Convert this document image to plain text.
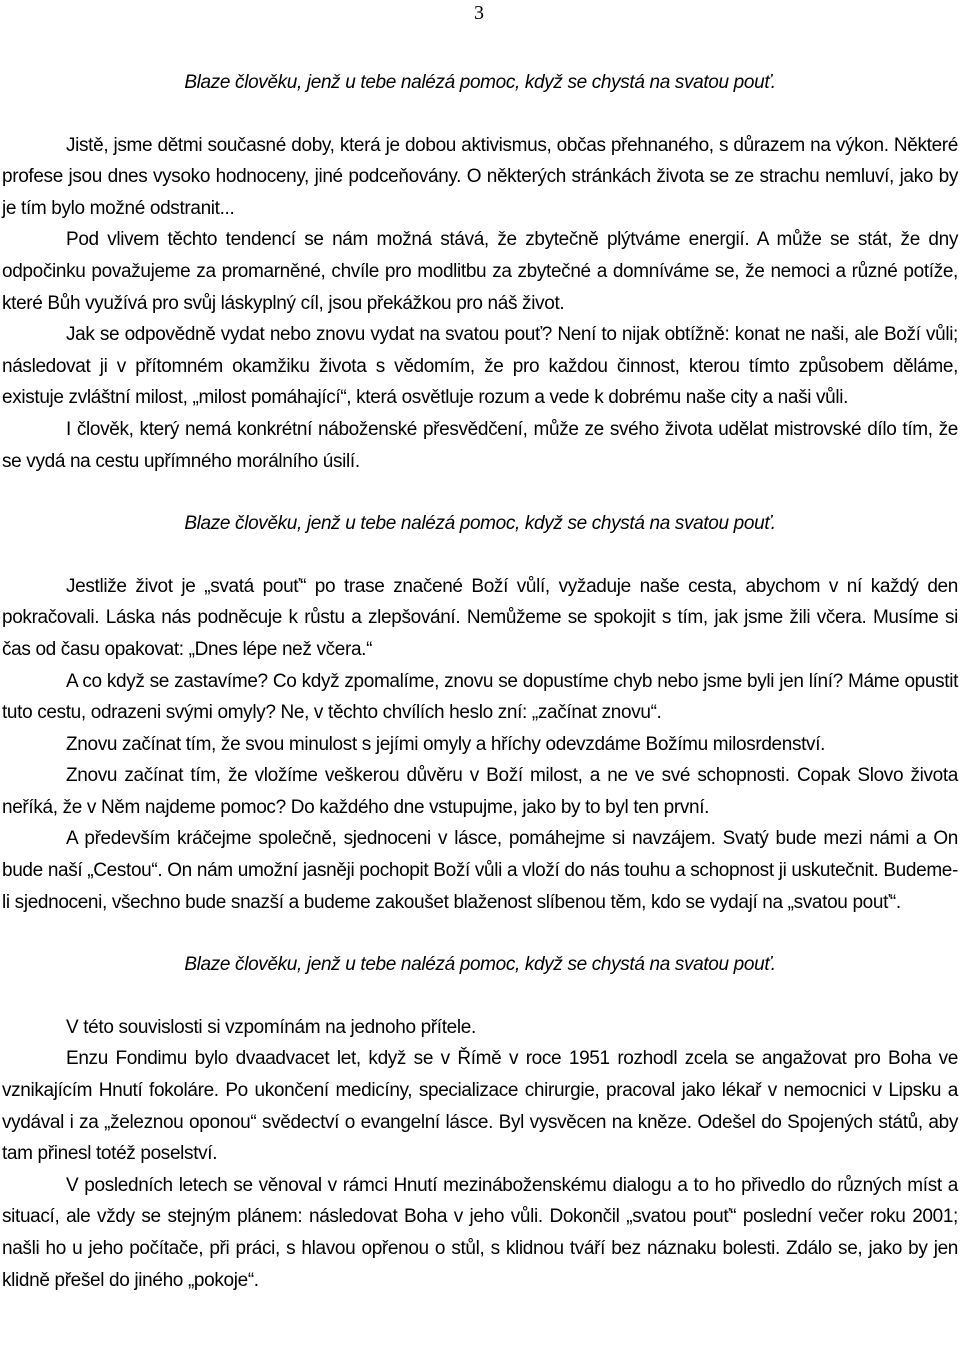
3

Blaze člověku, jenž u tebe nalézá pomoc, když se chystá na svatou pouť.

Jistě, jsme dětmi současné doby, která je dobou aktivismus, občas přehnaného, s důrazem na výkon. Některé profese jsou dnes vysoko hodnoceny, jiné podceňovány. O některých stránkách života se ze strachu nemluví, jako by je tím bylo možné odstranit...

Pod vlivem těchto tendencí se nám možná stává, že zbytečně plýtváme energií. A může se stát, že dny odpočinku považujeme za promarněné, chvíle pro modlitbu za zbytečné a domníváme se, že nemoci a různé potíže, které Bůh využívá pro svůj láskyplný cíl, jsou překážkou pro náš život.

Jak se odpovědně vydat nebo znovu vydat na svatou pouť? Není to nijak obtížně: konat ne naši, ale Boží vůli; následovat ji v přítomném okamžiku života s vědomím, že pro každou činnost, kterou tímto způsobem děláme, existuje zvláštní milost, „milost pomáhající“, která osvětluje rozum a vede k dobrému naše city a naši vůli.

I člověk, který nemá konkrétní náboženské přesvědčení, může ze svého života udělat mistrovské dílo tím, že se vydá na cestu upřímného morálního úsilí.

Blaze člověku, jenž u tebe nalézá pomoc, když se chystá na svatou pouť.

Jestliže život je „svatá pouť“ po trase značené Boží vůlí, vyžaduje naše cesta, abychom v ní každý den pokračovali. Láska nás podněcuje k růstu a zlepšování. Nemůžeme se spokojit s tím, jak jsme žili včera. Musíme si čas od času opakovat: „Dnes lépe než včera.“

A co když se zastavíme? Co když zpomalíme, znovu se dopustíme chyb nebo jsme byli jen líní? Máme opustit tuto cestu, odrazeni svými omyly? Ne, v těchto chvílích heslo zní: „začínat znovu“.

Znovu začínat tím, že svou minulost s jejími omyly a hříchy odevzdáme Božímu milosrdenství.

Znovu začínat tím, že vložíme veškerou důvěru v Boží milost, a ne ve své schopnosti. Copak Slovo života neříká, že v Něm najdeme pomoc? Do každého dne vstupujme, jako by to byl ten první.

A především kráčejme společně, sjednoceni v lásce, pomáhejme si navzájem. Svatý bude mezi námi a On bude naší „Cestou“. On nám umožní jasněji pochopit Boží vůli a vloží do nás touhu a schopnost ji uskutečnit. Budeme-li sjednoceni, všechno bude snazší a budeme zakoušet blaženost slíbenou těm, kdo se vydají na „svatou pouť“.

Blaze člověku, jenž u tebe nalézá pomoc, když se chystá na svatou pouť.

V této souvislosti si vzpomínám na jednoho přítele.

Enzu Fondimu bylo dvaadvacet let, když se v Římě v roce 1951 rozhodl zcela se angažovat pro Boha ve vznikajícím Hnutí fokoláre. Po ukončení medicíny, specializace chirurgie, pracoval jako lékař v nemocnici v Lipsku a vydával i za „železnou oponou“ svědectví o evangelní lásce. Byl vysvěcen na kněze. Odešel do Spojených států, aby tam přinesl totéž poselství.

V posledních letech se věnoval v rámci Hnutí mezináboženskému dialogu a to ho přivedlo do různých míst a situací, ale vždy se stejným plánem: následovat Boha v jeho vůli. Dokončil „svatou pouť“ poslední večer roku 2001; našli ho u jeho počítače, při práci, s hlavou opřenou o stůl, s klidnou tváří bez náznaku bolesti. Zdálo se, jako by jen klidně přešel do jiného „pokoje“.
